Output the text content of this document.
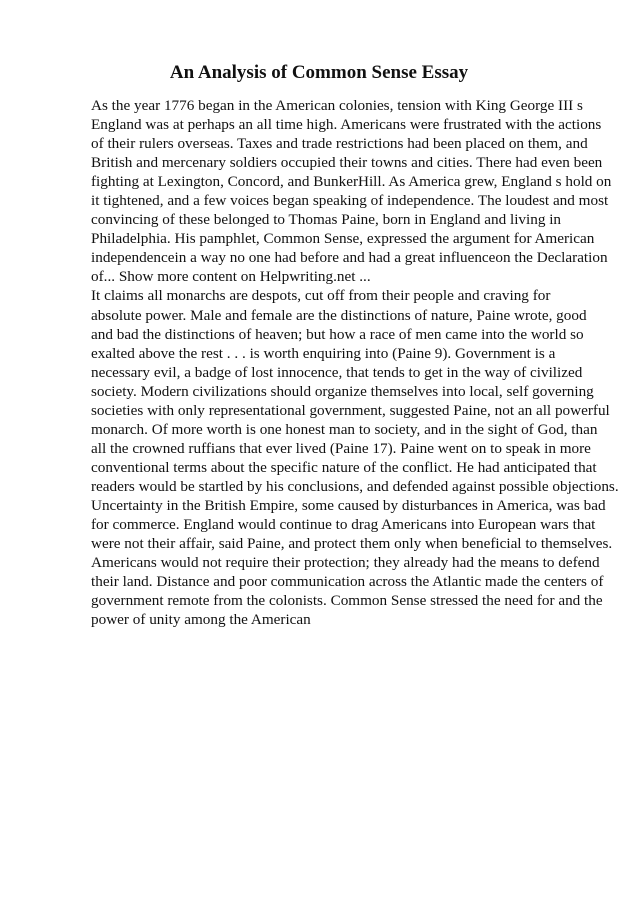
An Analysis of Common Sense Essay
As the year 1776 began in the American colonies, tension with King George III s
England was at perhaps an all time high. Americans were frustrated with the actions
of their rulers overseas. Taxes and trade restrictions had been placed on them, and
British and mercenary soldiers occupied their towns and cities. There had even been
fighting at Lexington, Concord, and BunkerHill. As America grew, England s hold on
it tightened, and a few voices began speaking of independence. The loudest and most
convincing of these belonged to Thomas Paine, born in England and living in
Philadelphia. His pamphlet, Common Sense, expressed the argument for American
independencein a way no one had before and had a great influenceon the Declaration
of... Show more content on Helpwriting.net ...
It claims all monarchs are despots, cut off from their people and craving for
absolute power. Male and female are the distinctions of nature, Paine wrote, good
and bad the distinctions of heaven; but how a race of men came into the world so
exalted above the rest . . . is worth enquiring into (Paine 9). Government is a
necessary evil, a badge of lost innocence, that tends to get in the way of civilized
society. Modern civilizations should organize themselves into local, self governing
societies with only representational government, suggested Paine, not an all powerful
monarch. Of more worth is one honest man to society, and in the sight of God, than
all the crowned ruffians that ever lived (Paine 17). Paine went on to speak in more
conventional terms about the specific nature of the conflict. He had anticipated that
readers would be startled by his conclusions, and defended against possible objections.
Uncertainty in the British Empire, some caused by disturbances in America, was bad
for commerce. England would continue to drag Americans into European wars that
were not their affair, said Paine, and protect them only when beneficial to themselves.
Americans would not require their protection; they already had the means to defend
their land. Distance and poor communication across the Atlantic made the centers of
government remote from the colonists. Common Sense stressed the need for and the
power of unity among the American
